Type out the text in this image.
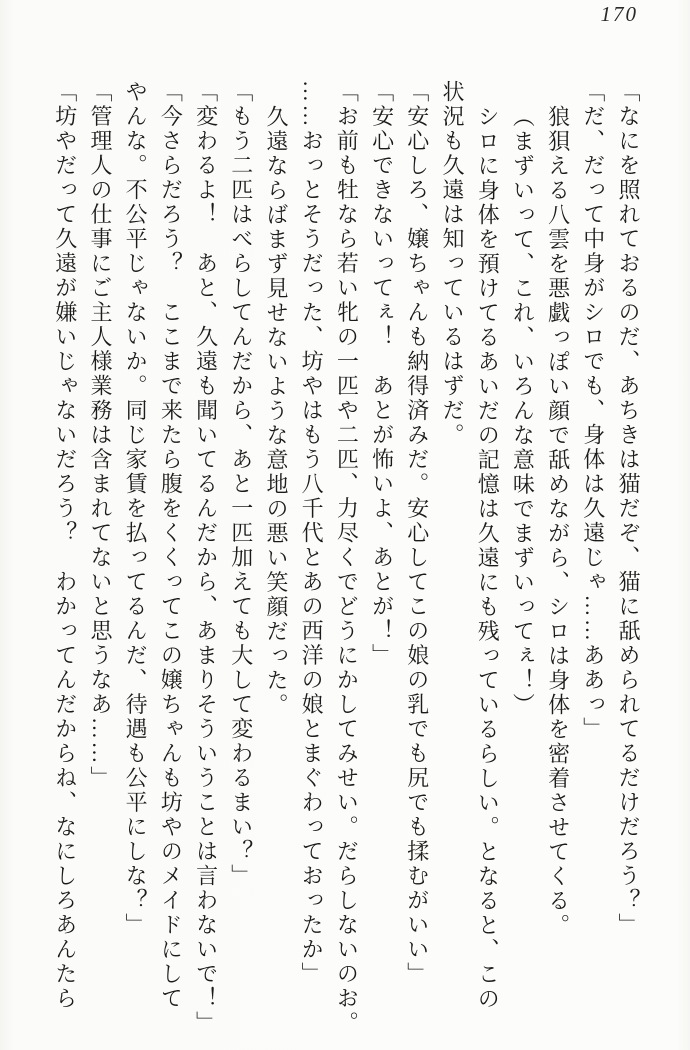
170

「なにを照れておるのだ、あちきは猫だぞ、猫に舐められてるだけだろう？」

「だ、だって中身がシロでも、身体は久遠じゃ……ああっ」

狼狽える八雲を悪戯っぽい顔で舐めながら、シロは身体を密着させてくる。

（まずいって、これ、いろんな意味でまずいってぇ！）

シロに身体を預けてるあいだの記憶は久遠にも残っているらしい。となると、この

状況も久遠は知っているはずだ。

「安心しろ、嬢ちゃんも納得済みだ。安心してこの娘の乳でも尻でも揉むがいい」

「安心できないってぇ！　あとが怖いよ、あとが！」

「お前も牡なら若い牝の一匹や二匹、力尽くでどうにかしてみせい。だらしないのお。

……おっとそうだった、坊やはもう八千代とあの西洋の娘とまぐわっておったか」

久遠ならばまず見せないような意地の悪い笑顔だった。

「もう二匹はべらしてんだから、あと一匹加えても大して変わるまい？」

「変わるよ！　あと、久遠も聞いてるんだから、あまりそういうことは言わないで！」

「今さらだろう？　ここまで来たら腹をくくってこの嬢ちゃんも坊やのメイドにして

やんな。不公平じゃないか。同じ家賃を払ってるんだ、待遇も公平にしな？」

「管理人の仕事にご主人様業務は含まれてないと思うなあ……」

「坊やだって久遠が嫌いじゃないだろう？　わかってんだからね、なにしろあんたら
